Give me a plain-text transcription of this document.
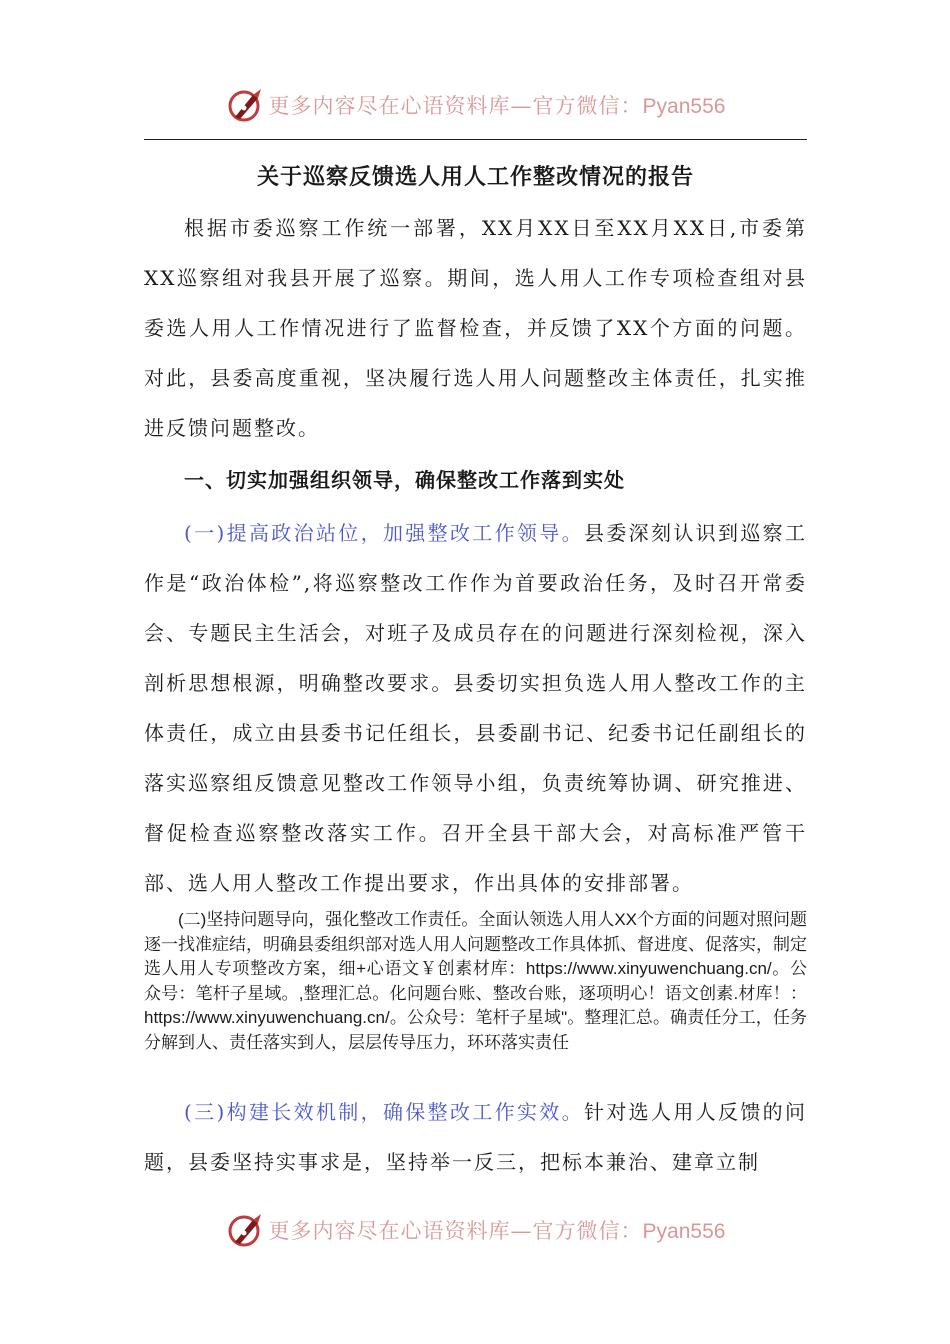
更多内容尽在心语资料库—官方微信：Pyan556
关于巡察反馈选人用人工作整改情况的报告

根据市委巡察工作统一部署，XX月XX日至XX月XX日,市委第XX巡察组对我县开展了巡察。期间，选人用人工作专项检查组对县委选人用人工作情况进行了监督检查，并反馈了XX个方面的问题。对此，县委高度重视，坚决履行选人用人问题整改主体责任，扎实推进反馈问题整改。

一、切实加强组织领导，确保整改工作落到实处

(一)提高政治站位，加强整改工作领导。县委深刻认识到巡察工作是“政治体检”,将巡察整改工作作为首要政治任务，及时召开常委会、专题民主生活会，对班子及成员存在的问题进行深刻检视，深入剖析思想根源，明确整改要求。县委切实担负选人用人整改工作的主体责任，成立由县委书记任组长，县委副书记、纪委书记任副组长的落实巡察组反馈意见整改工作领导小组，负责统筹协调、研究推进、督促检查巡察整改落实工作。召开全县干部大会，对高标准严管干部、选人用人整改工作提出要求，作出具体的安排部署。

(二)坚持问题导向，强化整改工作责任。全面认领选人用人XX个方面的问题对照问题逐一找准症结，明确县委组织部对选人用人问题整改工作具体抓、督进度、促落实，制定选人用人专项整改方案，细+心语文￥创素材库：https://www.xinyuwenchuang.cn/。公众号：笔杆子星域。,整理汇总。化问题台账、整改台账，逐项明心！语文创素.材库！：https://www.xinyuwenchuang.cn/。公众号：笔杆子星域"。整理汇总。确责任分工，任务分解到人、责任落实到人，层层传导压力，环环落实责任

(三)构建长效机制，确保整改工作实效。针对选人用人反馈的问题，县委坚持实事求是，坚持举一反三，把标本兼治、建章立制

更多内容尽在心语资料库—官方微信：Pyan556
